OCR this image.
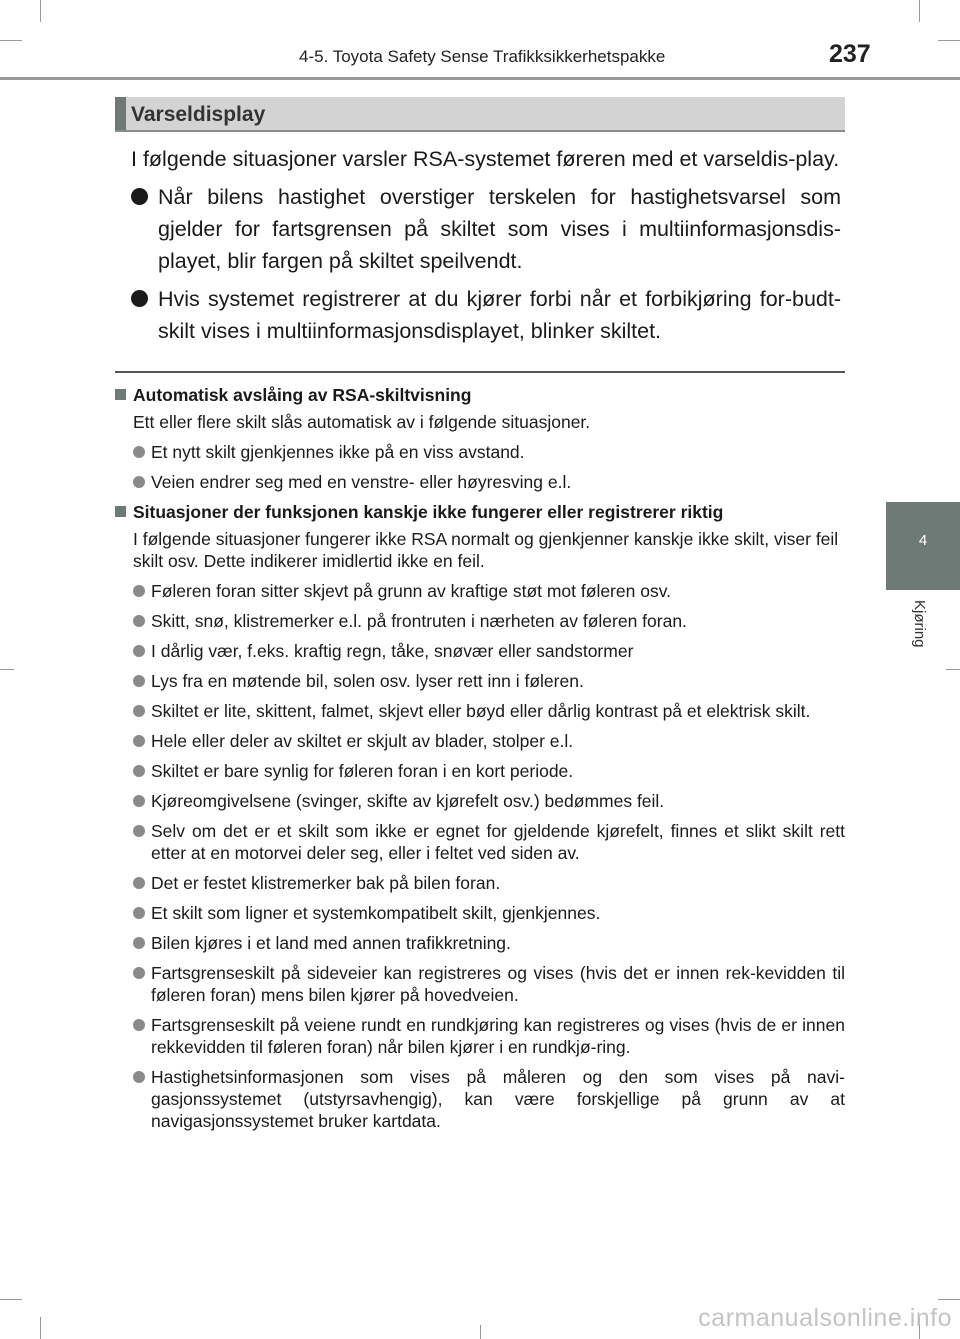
4-5. Toyota Safety Sense Trafikksikkerhetspakke	237
4
Kjøring
Varseldisplay

I følgende situasjoner varsler RSA-systemet føreren med et varseldis-play.

Når bilens hastighet overstiger terskelen for hastighetsvarsel som gjelder for fartsgrensen på skiltet som vises i multiinformasjonsdis-playet, blir fargen på skiltet speilvendt.
Hvis systemet registrerer at du kjører forbi når et forbikjøring for-budt-skilt vises i multiinformasjonsdisplayet, blinker skiltet.
Automatisk avslåing av RSA-skiltvisning
Ett eller flere skilt slås automatisk av i følgende situasjoner.
Et nytt skilt gjenkjennes ikke på en viss avstand.
Veien endrer seg med en venstre- eller høyresving e.l.
Situasjoner der funksjonen kanskje ikke fungerer eller registrerer riktig
I følgende situasjoner fungerer ikke RSA normalt og gjenkjenner kanskje ikke skilt, viser feil skilt osv. Dette indikerer imidlertid ikke en feil.
Føleren foran sitter skjevt på grunn av kraftige støt mot føleren osv.
Skitt, snø, klistremerker e.l. på frontruten i nærheten av føleren foran.
I dårlig vær, f.eks. kraftig regn, tåke, snøvær eller sandstormer
Lys fra en møtende bil, solen osv. lyser rett inn i føleren.
Skiltet er lite, skittent, falmet, skjevt eller bøyd eller dårlig kontrast på et elektrisk skilt.
Hele eller deler av skiltet er skjult av blader, stolper e.l.
Skiltet er bare synlig for føleren foran i en kort periode.
Kjøreomgivelsene (svinger, skifte av kjørefelt osv.) bedømmes feil.
Selv om det er et skilt som ikke er egnet for gjeldende kjørefelt, finnes et slikt skilt rett etter at en motorvei deler seg, eller i feltet ved siden av.
Det er festet klistremerker bak på bilen foran.
Et skilt som ligner et systemkompatibelt skilt, gjenkjennes.
Bilen kjøres i et land med annen trafikkretning.
Fartsgrenseskilt på sideveier kan registreres og vises (hvis det er innen rek-kevidden til føleren foran) mens bilen kjører på hovedveien.
Fartsgrenseskilt på veiene rundt en rundkjøring kan registreres og vises (hvis de er innen rekkevidden til føleren foran) når bilen kjører i en rundkjø-ring.
Hastighetsinformasjonen som vises på måleren og den som vises på navi-gasjonssystemet (utstyrsavhengig), kan være forskjellige på grunn av at navigasjonssystemet bruker kartdata.
carmanualsonline.info
